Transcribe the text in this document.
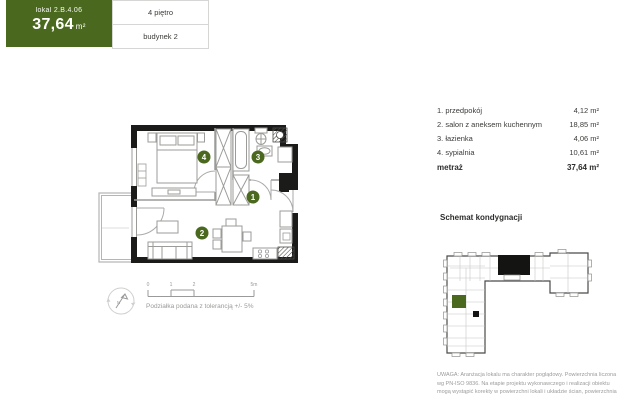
lokal 2.B.4.06
37,64 m²
4 piętro
budynek 2
4	3
1
2
N
0	1	2	5m
Podziałka podana z tolerancją +/- 5%
1. przedpokój	4,12 m²
2. salon z aneksem kuchennym	18,85 m²
3. łazienka	4,06 m²
4. sypialnia	10,61 m²
metraż	37,64 m²
Schemat kondygnacji
UWAGA: Aranżacja lokalu ma charakter poglądowy. Powierzchnia liczona wg PN-ISO 9836. Na etapie projektu wykonawczego i realizacji obiektu mogą wystąpić korekty w powierzchni lokali i układzie ścian, powierzchnia
